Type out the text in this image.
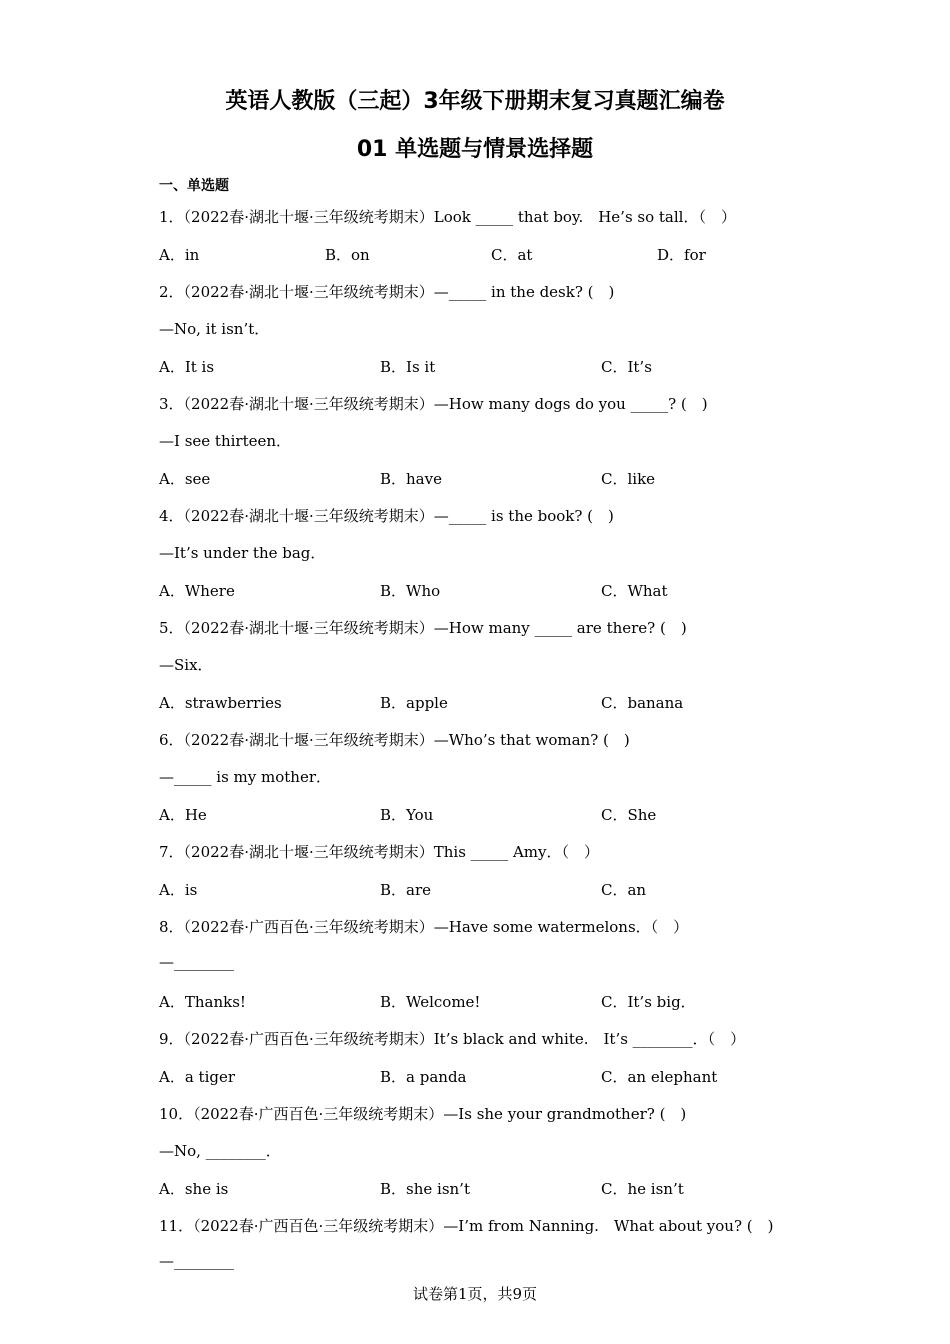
英语人教版（三起）3年级下册期末复习真题汇编卷
01 单选题与情景选择题
一、单选题
1．（2022春·湖北十堰·三年级统考期末）Look _____ that boy.　He’s so tall．（　）
A．in	B．on	C．at	D．for
2．（2022春·湖北十堰·三年级统考期末）—_____ in the desk? (　)
—No, it isn’t．
A．It is	B．Is it	C．It’s
3．（2022春·湖北十堰·三年级统考期末）—How many dogs do you _____? (　)
—I see thirteen．
A．see	B．have	C．like
4．（2022春·湖北十堰·三年级统考期末）—_____ is the book? (　)
—It’s under the bag．
A．Where	B．Who	C．What
5．（2022春·湖北十堰·三年级统考期末）—How many _____ are there? (　)
—Six．
A．strawberries	B．apple	C．banana
6．（2022春·湖北十堰·三年级统考期末）—Who’s that woman? (　)
—_____ is my mother．
A．He	B．You	C．She
7．（2022春·湖北十堰·三年级统考期末）This _____ Amy．（　）
A．is	B．are	C．an
8．（2022春·广西百色·三年级统考期末）—Have some watermelons．（　）
—________
A．Thanks!	B．Welcome!	C．It’s big．
9．（2022春·广西百色·三年级统考期末）It’s black and white.　It’s ________．（　）
A．a tiger	B．a panda	C．an elephant
10．（2022春·广西百色·三年级统考期末）—Is she your grandmother? (　)
—No, ________．
A．she is	B．she isn’t	C．he isn’t
11．（2022春·广西百色·三年级统考期末）—I’m from Nanning.　What about you? (　)
—________
试卷第1页，共9页
